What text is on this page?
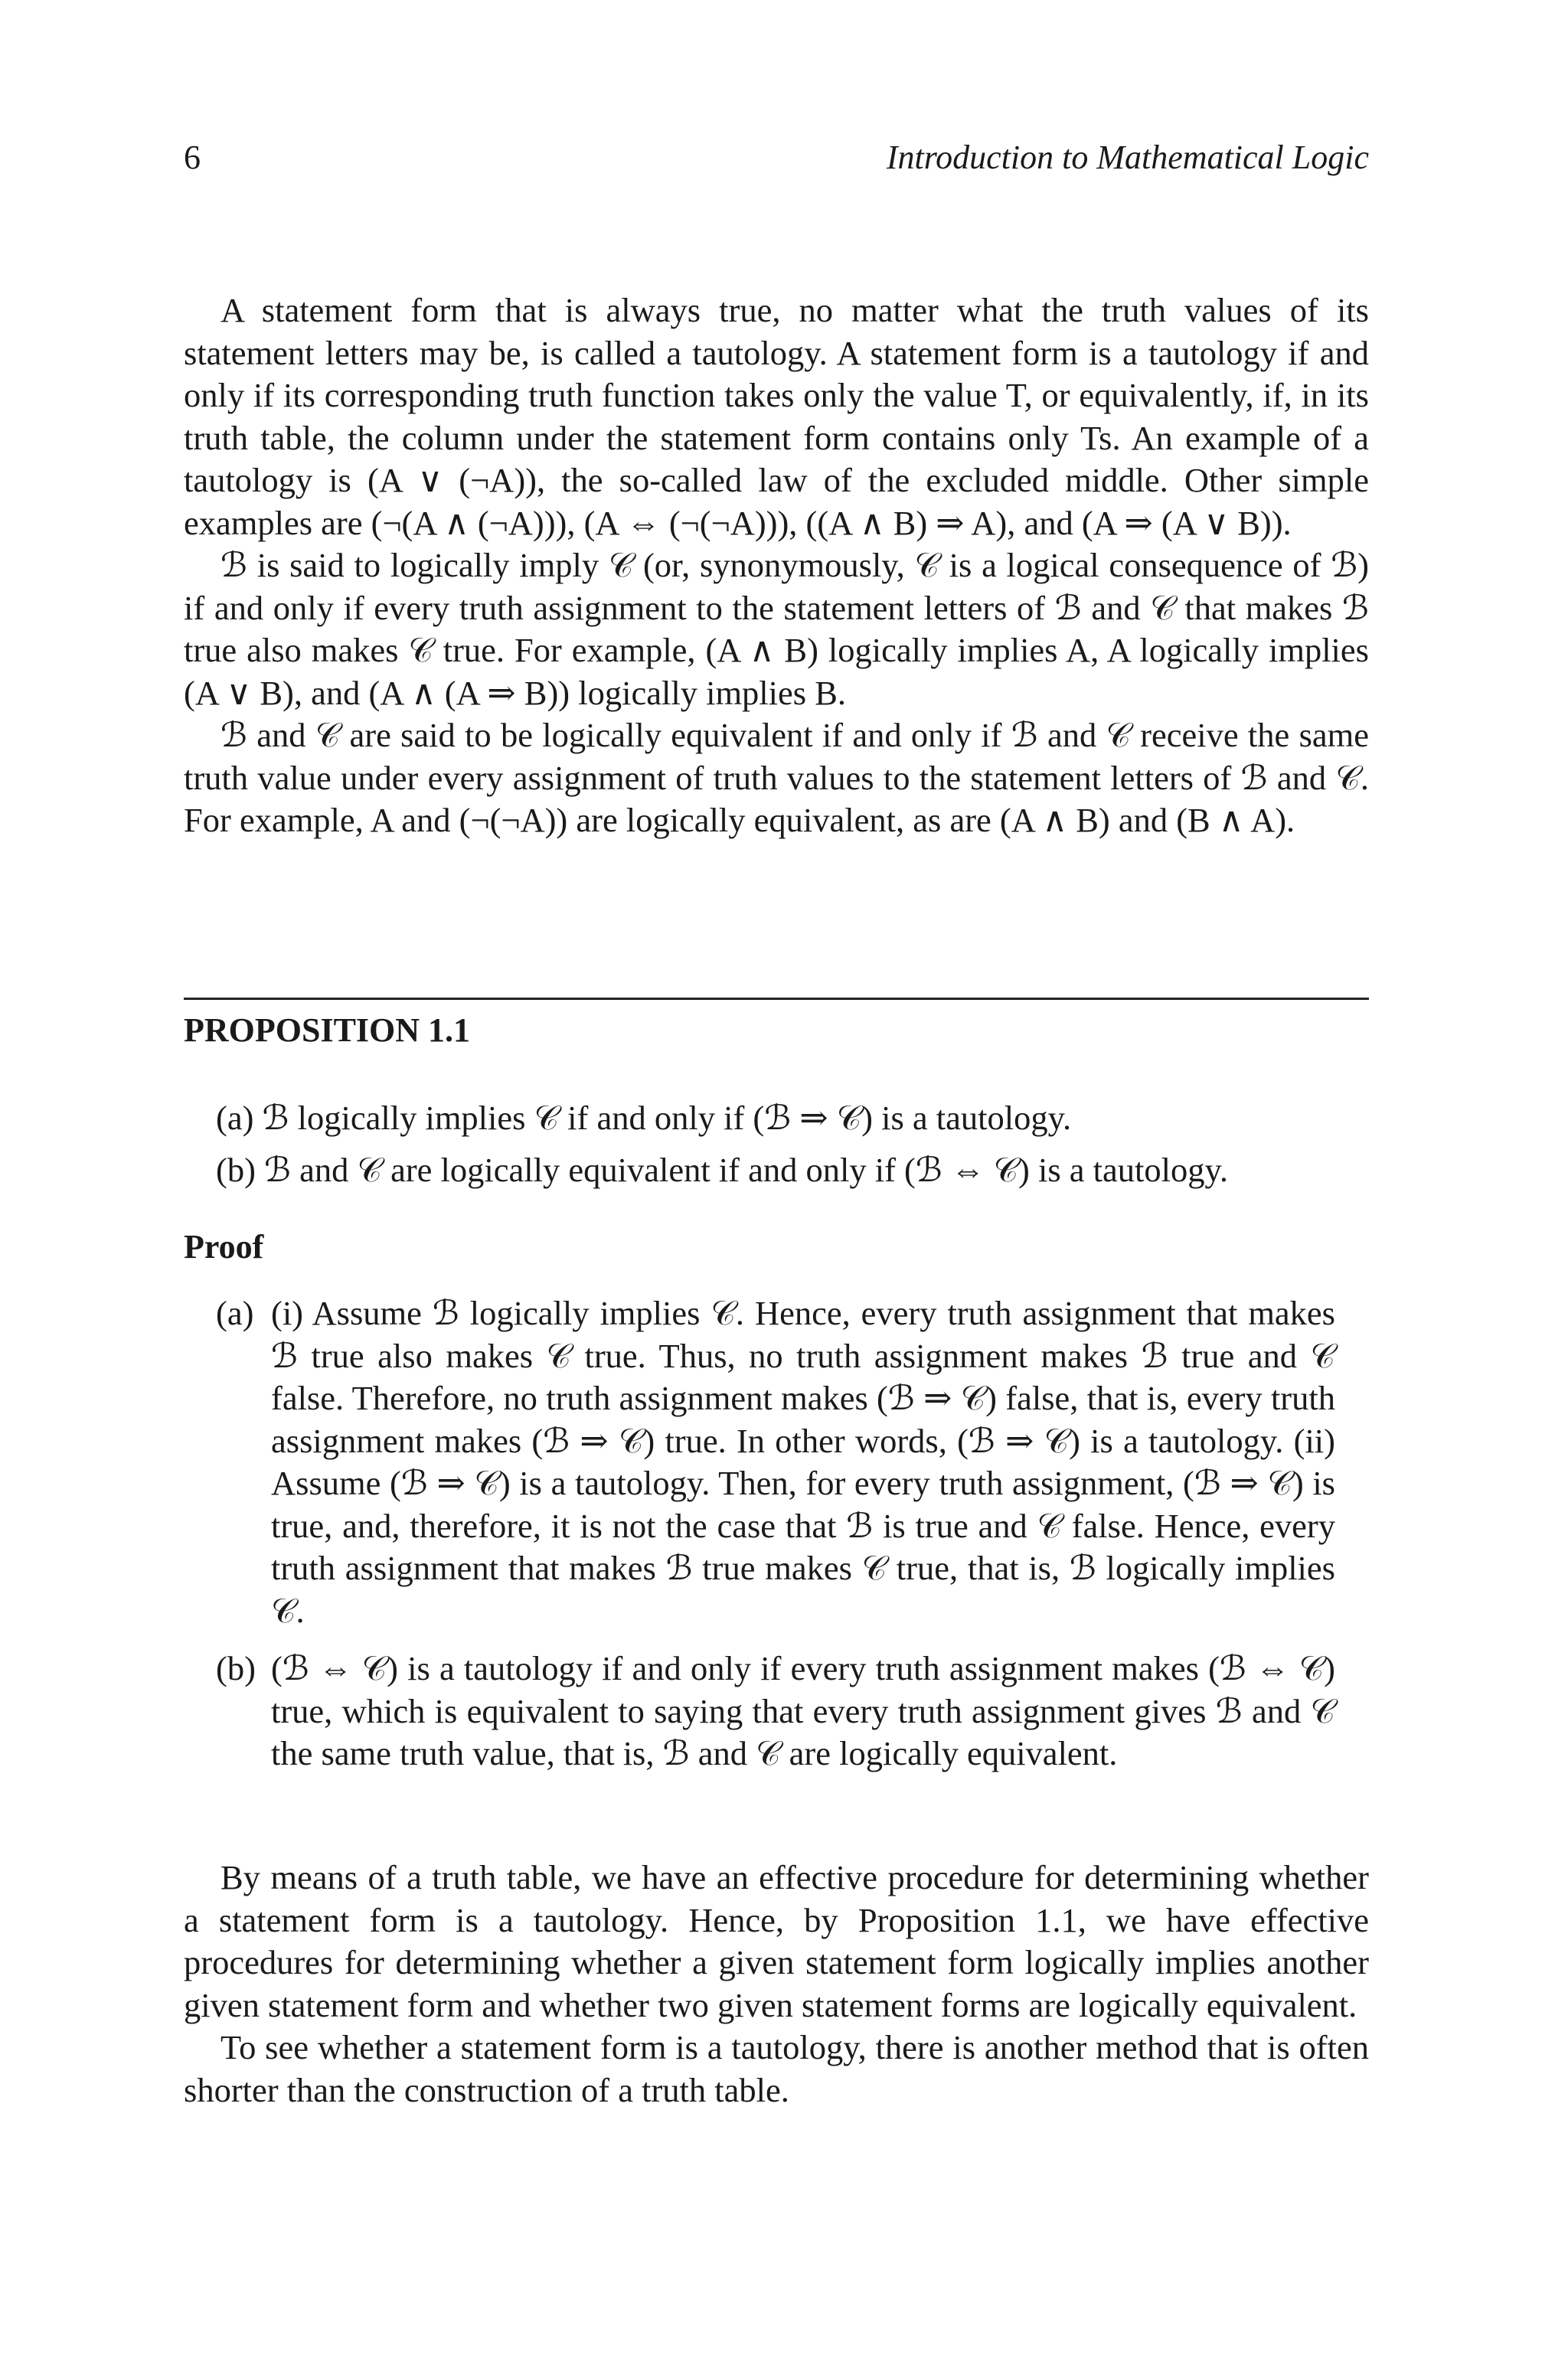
6	Introduction to Mathematical Logic

A statement form that is always true, no matter what the truth values of its statement letters may be, is called a tautology. A statement form is a tautology if and only if its corresponding truth function takes only the value T, or equivalently, if, in its truth table, the column under the statement form contains only Ts. An example of a tautology is (A ∨ (¬A)), the so-called law of the excluded middle. Other simple examples are (¬(A ∧ (¬A))), (A ⇔ (¬(¬A))), ((A ∧ B) ⇒ A), and (A ⇒ (A ∨ B)).

ℬ is said to logically imply 𝒞 (or, synonymously, 𝒞 is a logical consequence of ℬ) if and only if every truth assignment to the statement letters of ℬ and 𝒞 that makes ℬ true also makes 𝒞 true. For example, (A ∧ B) logically implies A, A logically implies (A ∨ B), and (A ∧ (A ⇒ B)) logically implies B.

ℬ and 𝒞 are said to be logically equivalent if and only if ℬ and 𝒞 receive the same truth value under every assignment of truth values to the statement letters of ℬ and 𝒞. For example, A and (¬(¬A)) are logically equivalent, as are (A ∧ B) and (B ∧ A).

PROPOSITION 1.1
(a) ℬ logically implies 𝒞 if and only if (ℬ ⇒ 𝒞) is a tautology.
(b) ℬ and 𝒞 are logically equivalent if and only if (ℬ ⇔ 𝒞) is a tautology.
Proof
(a) (i) Assume ℬ logically implies 𝒞. Hence, every truth assignment that makes ℬ true also makes 𝒞 true. Thus, no truth assignment makes ℬ true and 𝒞 false. Therefore, no truth assignment makes (ℬ ⇒ 𝒞) false, that is, every truth assignment makes (ℬ ⇒ 𝒞) true. In other words, (ℬ ⇒ 𝒞) is a tautology. (ii) Assume (ℬ ⇒ 𝒞) is a tautology. Then, for every truth assignment, (ℬ ⇒ 𝒞) is true, and, therefore, it is not the case that ℬ is true and 𝒞 false. Hence, every truth assignment that makes ℬ true makes 𝒞 true, that is, ℬ logically implies 𝒞.
(b) (ℬ ⇔ 𝒞) is a tautology if and only if every truth assignment makes (ℬ ⇔ 𝒞) true, which is equivalent to saying that every truth assignment gives ℬ and 𝒞 the same truth value, that is, ℬ and 𝒞 are logically equivalent.

By means of a truth table, we have an effective procedure for determining whether a statement form is a tautology. Hence, by Proposition 1.1, we have effective procedures for determining whether a given statement form logically implies another given statement form and whether two given statement forms are logically equivalent.

To see whether a statement form is a tautology, there is another method that is often shorter than the construction of a truth table.
